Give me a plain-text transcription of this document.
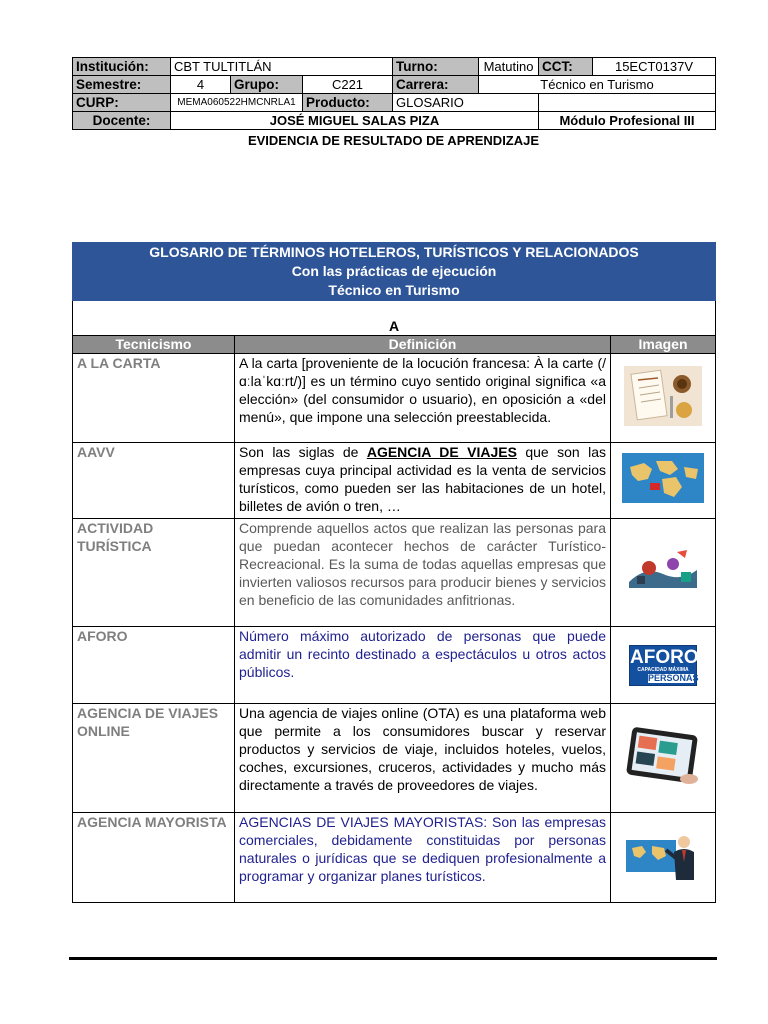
Institución:	CBT TULTITLÁN			Turno:	Matutino	CCT:	15ECT0137V
Semestre:	4	Grupo:	C221	Carrera:	Técnico en Turismo		
CURP:	MEMA060522HMCNRLA1		Producto:	GLOSARIO			
Docente:	JOSÉ MIGUEL SALAS PIZA					Módulo Profesional III	
EVIDENCIA DE RESULTADO DE APRENDIZAJE
GLOSARIO DE TÉRMINOS HOTELEROS, TURÍSTICOS Y RELACIONADOS
Con las prácticas de ejecución
Técnico en Turismo		

A		
Tecnicismo	Definición	Imagen
A LA CARTA	A la carta [proveniente de la locución francesa: À la carte (/ɑːlaˈkɑːrt/)] es un término cuyo sentido original significa «a elección» (del consumidor o usuario), en oposición a «del menú», que impone una selección preestablecida.	
AAVV	Son las siglas de AGENCIA DE VIAJES que son las empresas cuya principal actividad es la venta de servicios turísticos, como pueden ser las habitaciones de un hotel, billetes de avión o tren, …	
ACTIVIDAD TURÍSTICA	Comprende aquellos actos que realizan las personas para que puedan acontecer hechos de carácter Turístico-Recreacional. Es la suma de todas aquellas empresas que invierten valiosos recursos para producir bienes y servicios en beneficio de las comunidades anfitrionas.	
AFORO	Número máximo autorizado de personas que puede admitir un recinto destinado a espectáculos u otros actos públicos.	AFORO
CAPACIDAD MÁXIMA
PERSONAS

AGENCIA DE VIAJES ONLINE	Una agencia de viajes online (OTA) es una plataforma web que permite a los consumidores buscar y reservar productos y servicios de viaje, incluidos hoteles, vuelos, coches, excursiones, cruceros, actividades y mucho más directamente a través de proveedores de viajes.	
AGENCIA MAYORISTA	AGENCIAS DE VIAJES MAYORISTAS: Son las empresas comerciales, debidamente constituidas por personas naturales o jurídicas que se dediquen profesionalmente a programar y organizar planes turísticos.	
